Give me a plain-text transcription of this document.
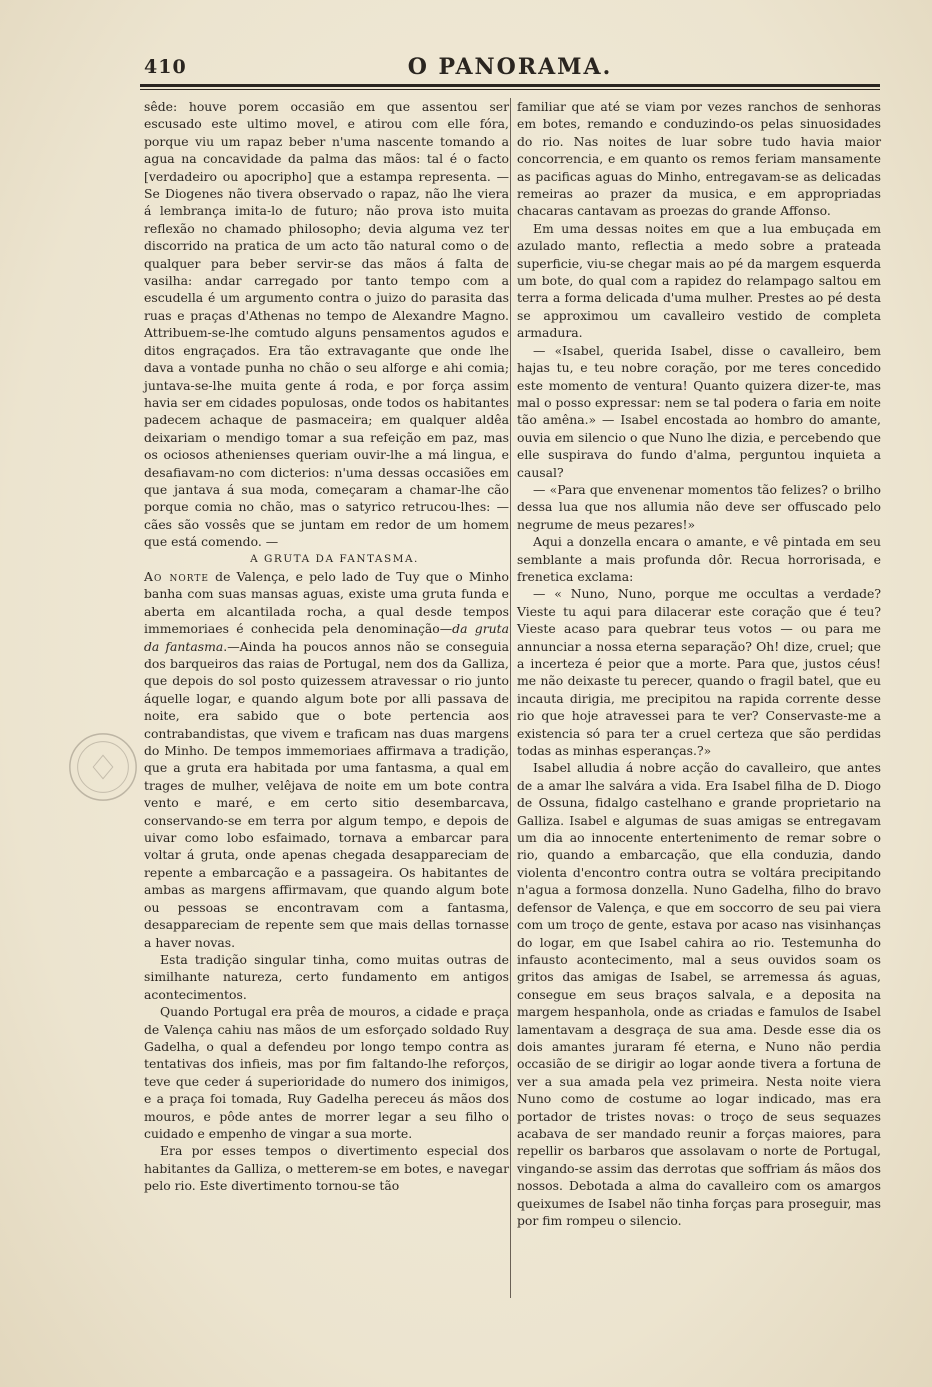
410	O PANORAMA.

sêde: houve porem occasião em que assentou ser escusado este ultimo movel, e atirou com elle fóra, porque viu um rapaz beber n'uma nascente tomando a agua na concavidade da palma das mãos: tal é o facto [verdadeiro ou apocripho] que a estampa representa. — Se Diogenes não tivera observado o rapaz, não lhe viera á lembrança imita-lo de futuro; não prova isto muita reflexão no chamado philosopho; devia alguma vez ter discorrido na pratica de um acto tão natural como o de qualquer para beber servir-se das mãos á falta de vasilha: andar carregado por tanto tempo com a escudella é um argumento contra o juizo do parasita das ruas e praças d'Athenas no tempo de Alexandre Magno. Attribuem-se-lhe comtudo alguns pensamentos agudos e ditos engraçados. Era tão extravagante que onde lhe dava a vontade punha no chão o seu alforge e ahi comia; juntava-se-lhe muita gente á roda, e por força assim havia ser em cidades populosas, onde todos os habitantes padecem achaque de pasmaceira; em qualquer aldêa deixariam o mendigo tomar a sua refeição em paz, mas os ociosos athenienses queriam ouvir-lhe a má lingua, e desafiavam-no com dicterios: n'uma dessas occasiões em que jantava á sua moda, começaram a chamar-lhe cão porque comia no chão, mas o satyrico retrucou-lhes: — cães são vossês que se juntam em redor de um homem que está comendo. —

A GRUTA DA FANTASMA.

Ao norte de Valença, e pelo lado de Tuy que o Minho banha com suas mansas aguas, existe uma gruta funda e aberta em alcantilada rocha, a qual desde tempos immemoriaes é conhecida pela denominação—da gruta da fantasma.—Ainda ha poucos annos não se conseguia dos barqueiros das raias de Portugal, nem dos da Galliza, que depois do sol posto quizessem atravessar o rio junto áquelle logar, e quando algum bote por alli passava de noite, era sabido que o bote pertencia aos contrabandistas, que vivem e traficam nas duas margens do Minho. De tempos immemoriaes affirmava a tradição, que a gruta era habitada por uma fantasma, a qual em trages de mulher, velêjava de noite em um bote contra vento e maré, e em certo sitio desembarcava, conservando-se em terra por algum tempo, e depois de uivar como lobo esfaimado, tornava a embarcar para voltar á gruta, onde apenas chegada desappareciam de repente a embarcação e a passageira. Os habitantes de ambas as margens affirmavam, que quando algum bote ou pessoas se encontravam com a fantasma, desappareciam de repente sem que mais dellas tornasse a haver novas.

Esta tradição singular tinha, como muitas outras de similhante natureza, certo fundamento em antigos acontecimentos.

Quando Portugal era prêa de mouros, a cidade e praça de Valença cahiu nas mãos de um esforçado soldado Ruy Gadelha, o qual a defendeu por longo tempo contra as tentativas dos infieis, mas por fim faltando-lhe reforços, teve que ceder á superioridade do numero dos inimigos, e a praça foi tomada, Ruy Gadelha pereceu ás mãos dos mouros, e pôde antes de morrer legar a seu filho o cuidado e empenho de vingar a sua morte.

Era por esses tempos o divertimento especial dos habitantes da Galliza, o metterem-se em botes, e navegar pelo rio. Este divertimento tornou-se tão

familiar que até se viam por vezes ranchos de senhoras em botes, remando e conduzindo-os pelas sinuosidades do rio. Nas noites de luar sobre tudo havia maior concorrencia, e em quanto os remos feriam mansamente as pacificas aguas do Minho, entregavam-se as delicadas remeiras ao prazer da musica, e em appropriadas chacaras cantavam as proezas do grande Affonso.

Em uma dessas noites em que a lua embuçada em azulado manto, reflectia a medo sobre a prateada superficie, viu-se chegar mais ao pé da margem esquerda um bote, do qual com a rapidez do relampago saltou em terra a forma delicada d'uma mulher. Prestes ao pé desta se approximou um cavalleiro vestido de completa armadura.

— «Isabel, querida Isabel, disse o cavalleiro, bem hajas tu, e teu nobre coração, por me teres concedido este momento de ventura! Quanto quizera dizer-te, mas mal o posso expressar: nem se tal podera o faria em noite tão amêna.» — Isabel encostada ao hombro do amante, ouvia em silencio o que Nuno lhe dizia, e percebendo que elle suspirava do fundo d'alma, perguntou inquieta a causal?

— «Para que envenenar momentos tão felizes? o brilho dessa lua que nos allumia não deve ser offuscado pelo negrume de meus pezares!»

Aqui a donzella encara o amante, e vê pintada em seu semblante a mais profunda dôr. Recua horrorisada, e frenetica exclama:

— « Nuno, Nuno, porque me occultas a verdade? Vieste tu aqui para dilacerar este coração que é teu? Vieste acaso para quebrar teus votos — ou para me annunciar a nossa eterna separação? Oh! dize, cruel; que a incerteza é peior que a morte. Para que, justos céus! me não deixaste tu perecer, quando o fragil batel, que eu incauta dirigia, me precipitou na rapida corrente desse rio que hoje atravessei para te ver? Conservaste-me a existencia só para ter a cruel certeza que são perdidas todas as minhas esperanças.?»

Isabel alludia á nobre acção do cavalleiro, que antes de a amar lhe salvára a vida. Era Isabel filha de D. Diogo de Ossuna, fidalgo castelhano e grande proprietario na Galliza. Isabel e algumas de suas amigas se entregavam um dia ao innocente entertenimento de remar sobre o rio, quando a embarcação, que ella conduzia, dando violenta d'encontro contra outra se voltára precipitando n'agua a formosa donzella. Nuno Gadelha, filho do bravo defensor de Valença, e que em soccorro de seu pai viera com um troço de gente, estava por acaso nas visinhanças do logar, em que Isabel cahira ao rio. Testemunha do infausto acontecimento, mal a seus ouvidos soam os gritos das amigas de Isabel, se arremessa ás aguas, consegue em seus braços salvala, e a deposita na margem hespanhola, onde as criadas e famulos de Isabel lamentavam a desgraça de sua ama. Desde esse dia os dois amantes juraram fé eterna, e Nuno não perdia occasião de se dirigir ao logar aonde tivera a fortuna de ver a sua amada pela vez primeira. Nesta noite viera Nuno como de costume ao logar indicado, mas era portador de tristes novas: o troço de seus sequazes acabava de ser mandado reunir a forças maiores, para repellir os barbaros que assolavam o norte de Portugal, vingando-se assim das derrotas que soffriam ás mãos dos nossos. Debotada a alma do cavalleiro com os amargos queixumes de Isabel não tinha forças para proseguir, mas por fim rompeu o silencio.
